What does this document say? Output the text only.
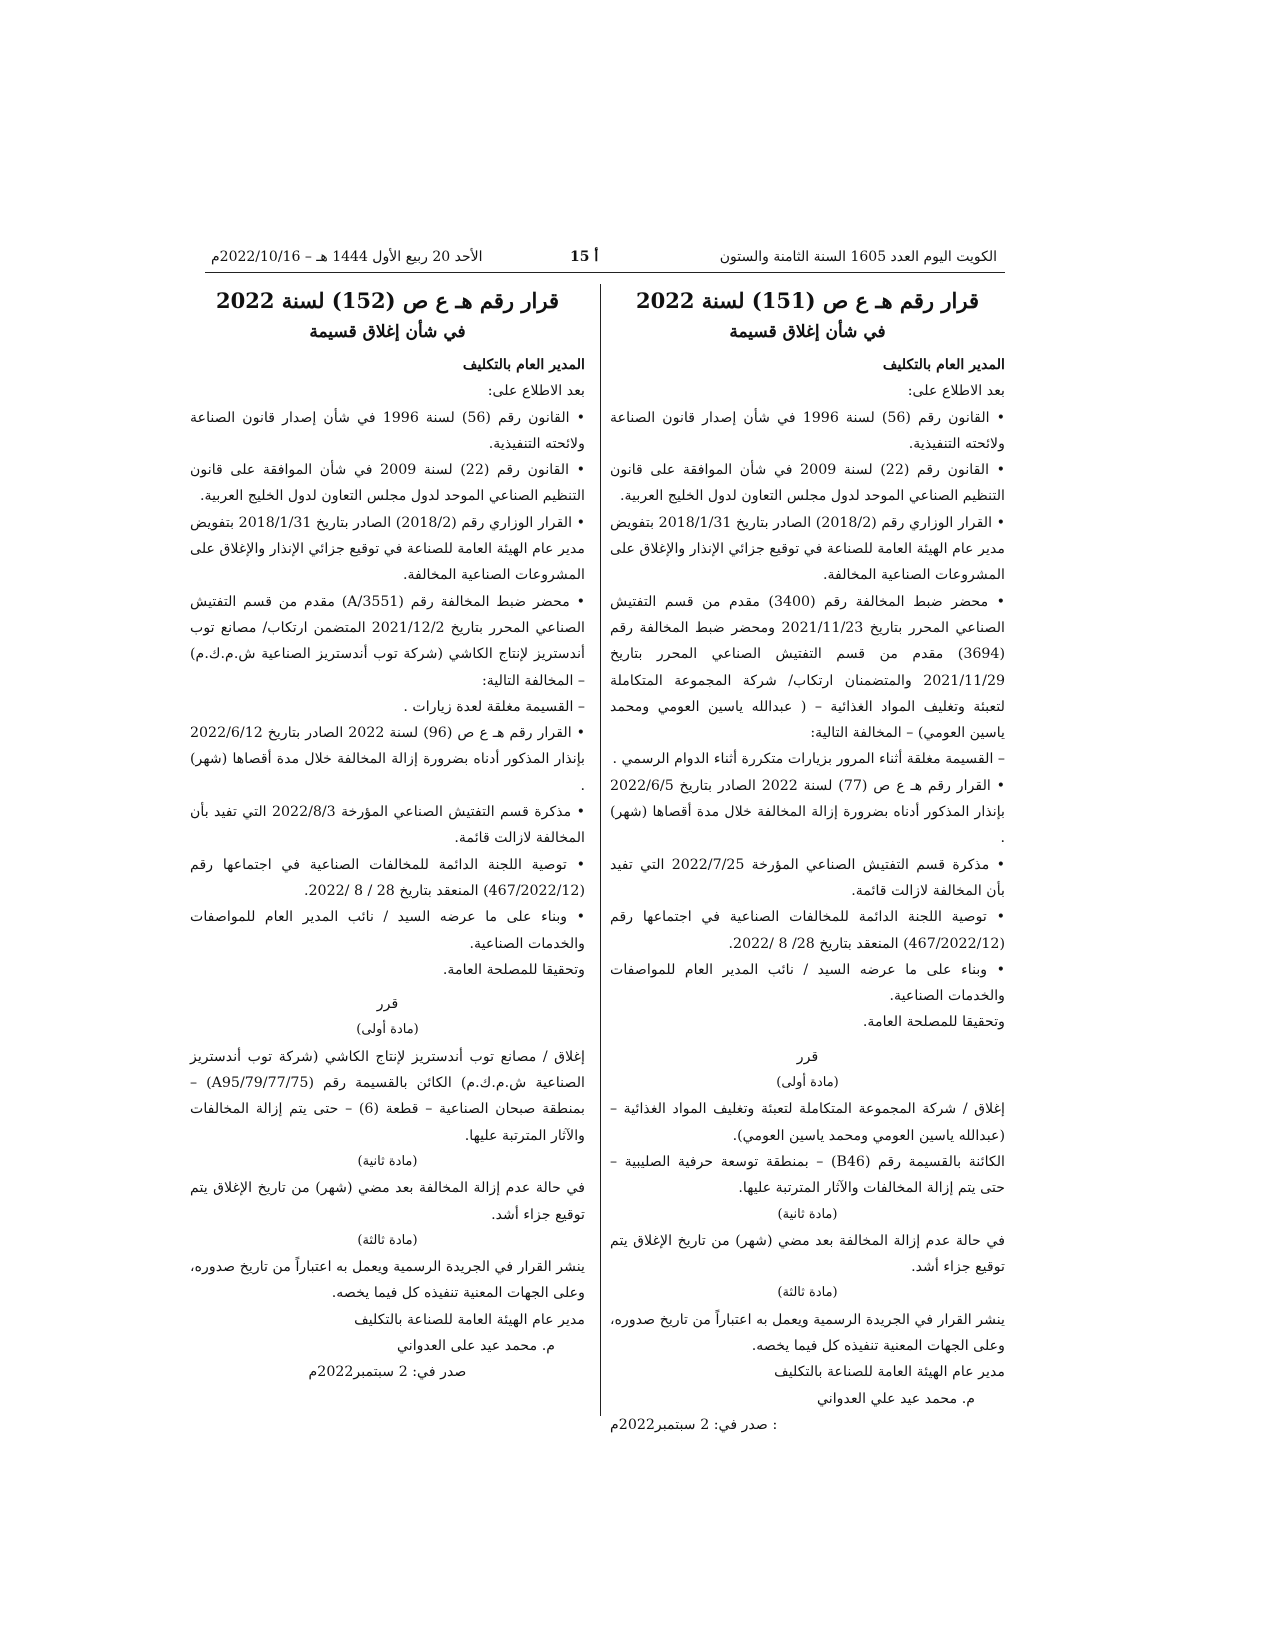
الكويت اليوم العدد 1605 السنة الثامنة والستون
أ 15
الأحد 20 ربيع الأول 1444 هـ – 2022/10/16م

قرار رقم هـ ع ص (151) لسنة 2022

في شأن إغلاق قسيمة

المدير العام بالتكليف

بعد الاطلاع على:

• القانون رقم (56) لسنة 1996 في شأن إصدار قانون الصناعة ولائحته التنفيذية.

• القانون رقم (22) لسنة 2009 في شأن الموافقة على قانون التنظيم الصناعي الموحد لدول مجلس التعاون لدول الخليج العربية.

• القرار الوزاري رقم (2018/2) الصادر بتاريخ 2018/1/31 بتفويض مدير عام الهيئة العامة للصناعة في توقيع جزائي الإنذار والإغلاق على المشروعات الصناعية المخالفة.

• محضر ضبط المخالفة رقم (3400) مقدم من قسم التفتيش الصناعي المحرر بتاريخ 2021/11/23 ومحضر ضبط المخالفة رقم (3694) مقدم من قسم التفتيش الصناعي المحرر بتاريخ 2021/11/29 والمتضمنان ارتكاب/ شركة المجموعة المتكاملة لتعبئة وتغليف المواد الغذائية – ( عبدالله ياسين العومي ومحمد ياسين العومي) – المخالفة التالية:

– القسيمة مغلقة أثناء المرور بزيارات متكررة أثناء الدوام الرسمي .

• القرار رقم هـ ع ص (77) لسنة 2022 الصادر بتاريخ 2022/6/5 بإنذار المذكور أدناه بضرورة إزالة المخالفة خلال مدة أقصاها (شهر) .

• مذكرة قسم التفتيش الصناعي المؤرخة 2022/7/25 التي تفيد بأن المخالفة لازالت قائمة.

• توصية اللجنة الدائمة للمخالفات الصناعية في اجتماعها رقم (467/2022/12) المنعقد بتاريخ 28/ 8 /2022.

• وبناء على ما عرضه السيد / نائب المدير العام للمواصفات والخدمات الصناعية.

وتحقيقا للمصلحة العامة.

قرر

(مادة أولى)

إغلاق / شركة المجموعة المتكاملة لتعبئة وتغليف المواد الغذائية – (عبدالله ياسين العومي ومحمد ياسين العومي).

الكائنة بالقسيمة رقم (B46) – بمنطقة توسعة حرفية الصليبية – حتى يتم إزالة المخالفات والآثار المترتبة عليها.

(مادة ثانية)

في حالة عدم إزالة المخالفة بعد مضي (شهر) من تاريخ الإغلاق يتم توقيع جزاء أشد.

(مادة ثالثة)

ينشر القرار في الجريدة الرسمية ويعمل به اعتباراً من تاريخ صدوره، وعلى الجهات المعنية تنفيذه كل فيما يخصه.

مدير عام الهيئة العامة للصناعة بالتكليف

م. محمد عيد علي العدواني

: صدر في: 2 سبتمبر2022م

قرار رقم هـ ع ص (152) لسنة 2022

في شأن إغلاق قسيمة

المدير العام بالتكليف

بعد الاطلاع على:

• القانون رقم (56) لسنة 1996 في شأن إصدار قانون الصناعة ولائحته التنفيذية.

• القانون رقم (22) لسنة 2009 في شأن الموافقة على قانون التنظيم الصناعي الموحد لدول مجلس التعاون لدول الخليج العربية.

• القرار الوزاري رقم (2018/2) الصادر بتاريخ 2018/1/31 بتفويض مدير عام الهيئة العامة للصناعة في توقيع جزائي الإنذار والإغلاق على المشروعات الصناعية المخالفة.

• محضر ضبط المخالفة رقم (3551/A) مقدم من قسم التفتيش الصناعي المحرر بتاريخ 2021/12/2 المتضمن ارتكاب/ مصانع توب أندستريز لإنتاج الكاشي (شركة توب أندستريز الصناعية ش.م.ك.م) – المخالفة التالية:

– القسيمة مغلقة لعدة زيارات .

• القرار رقم هـ ع ص (96) لسنة 2022 الصادر بتاريخ 2022/6/12 بإنذار المذكور أدناه بضرورة إزالة المخالفة خلال مدة أقصاها (شهر) .

• مذكرة قسم التفتيش الصناعي المؤرخة 2022/8/3 التي تفيد بأن المخالفة لازالت قائمة.

• توصية اللجنة الدائمة للمخالفات الصناعية في اجتماعها رقم (467/2022/12) المنعقد بتاريخ 28 / 8 /2022.

• وبناء على ما عرضه السيد / نائب المدير العام للمواصفات والخدمات الصناعية.

وتحقيقا للمصلحة العامة.

قرر

(مادة أولى)

إغلاق / مصانع توب أندستريز لإنتاج الكاشي (شركة توب أندستريز الصناعية ش.م.ك.م) الكائن بالقسيمة رقم (A95/79/77/75) – بمنطقة صبحان الصناعية – قطعة (6) – حتى يتم إزالة المخالفات والآثار المترتبة عليها.

(مادة ثانية)

في حالة عدم إزالة المخالفة بعد مضي (شهر) من تاريخ الإغلاق يتم توقيع جزاء أشد.

(مادة ثالثة)

ينشر القرار في الجريدة الرسمية ويعمل به اعتباراً من تاريخ صدوره، وعلى الجهات المعنية تنفيذه كل فيما يخصه.

مدير عام الهيئة العامة للصناعة بالتكليف

م. محمد عيد على العدواني

صدر في: 2 سبتمبر2022م
